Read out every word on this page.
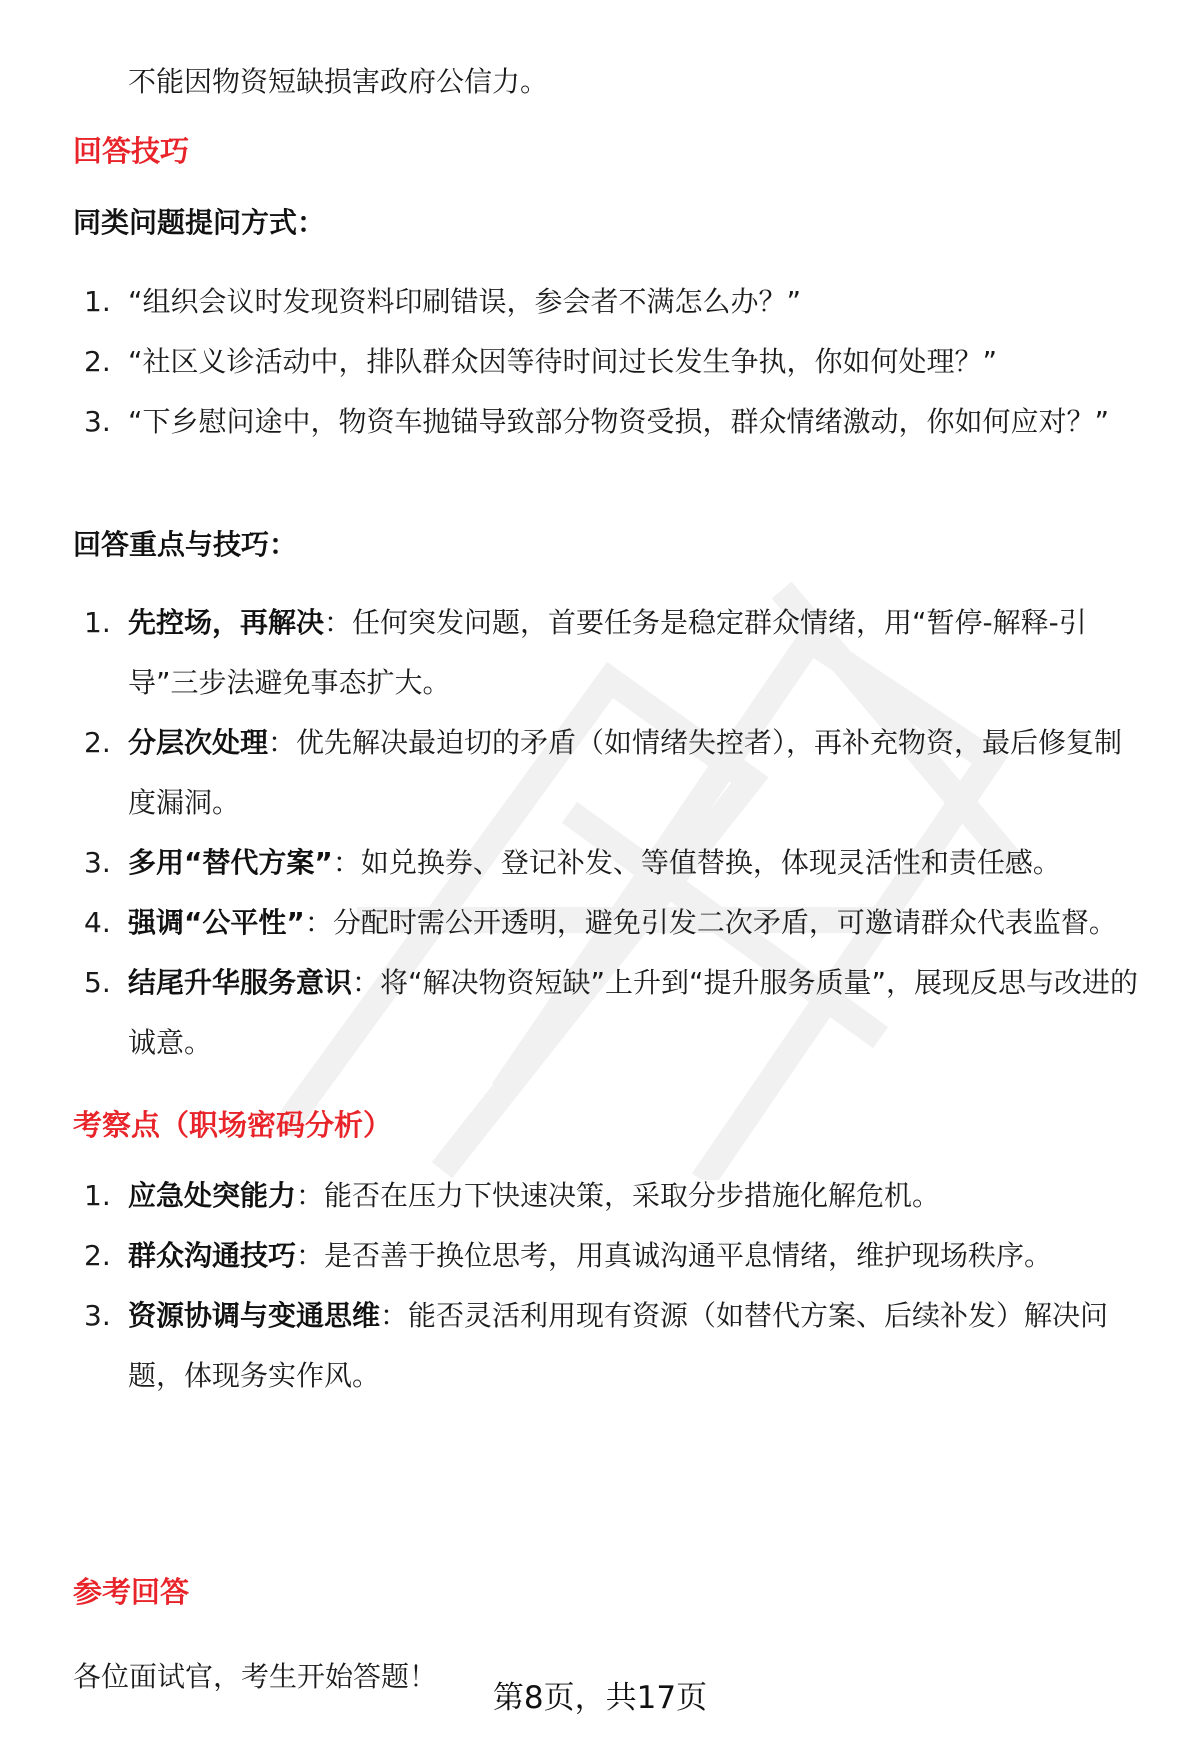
不能因物资短缺损害政府公信力。
回答技巧
同类问题提问方式：
1. “组织会议时发现资料印刷错误，参会者不满怎么办？”
2. “社区义诊活动中，排队群众因等待时间过长发生争执，你如何处理？”
3. “下乡慰问途中，物资车抛锚导致部分物资受损，群众情绪激动，你如何应对？”
回答重点与技巧：
1. 先控场，再解决：任何突发问题，首要任务是稳定群众情绪，用“暂停-解释-引导”三步法避免事态扩大。
2. 分层次处理：优先解决最迫切的矛盾（如情绪失控者），再补充物资，最后修复制度漏洞。
3. 多用“替代方案”：如兑换券、登记补发、等值替换，体现灵活性和责任感。
4. 强调“公平性”：分配时需公开透明，避免引发二次矛盾，可邀请群众代表监督。
5. 结尾升华服务意识：将“解决物资短缺”上升到“提升服务质量”，展现反思与改进的诚意。
考察点（职场密码分析）
1. 应急处突能力：能否在压力下快速决策，采取分步措施化解危机。
2. 群众沟通技巧：是否善于换位思考，用真诚沟通平息情绪，维护现场秩序。
3. 资源协调与变通思维：能否灵活利用现有资源（如替代方案、后续补发）解决问题，体现务实作风。
参考回答
各位面试官，考生开始答题！
第8页，共17页
